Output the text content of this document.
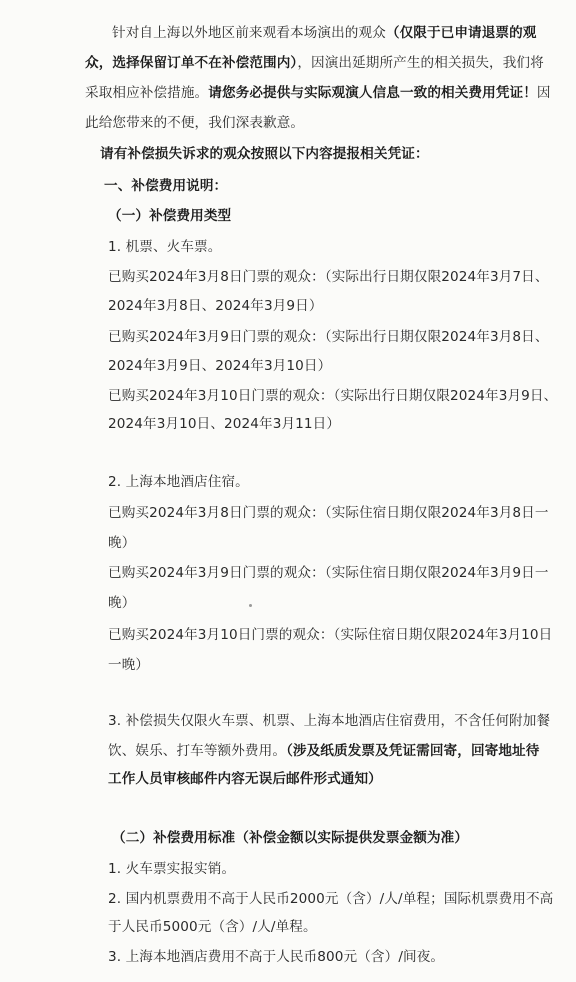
针对自上海以外地区前来观看本场演出的观众（仅限于已申请退票的观
众，选择保留订单不在补偿范围内），因演出延期所产生的相关损失，我们将
采取相应补偿措施。请您务必提供与实际观演人信息一致的相关费用凭证！因
此给您带来的不便，我们深表歉意。
请有补偿损失诉求的观众按照以下内容提报相关凭证：
一、补偿费用说明：
（一）补偿费用类型
1. 机票、火车票。
已购买2024年3月8日门票的观众：（实际出行日期仅限2024年3月7日、
2024年3月8日、2024年3月9日）
已购买2024年3月9日门票的观众：（实际出行日期仅限2024年3月8日、
2024年3月9日、2024年3月10日）
已购买2024年3月10日门票的观众：（实际出行日期仅限2024年3月9日、
2024年3月10日、2024年3月11日）
2. 上海本地酒店住宿。
已购买2024年3月8日门票的观众：（实际住宿日期仅限2024年3月8日一
晚）
已购买2024年3月9日门票的观众：（实际住宿日期仅限2024年3月9日一
晚）
已购买2024年3月10日门票的观众：（实际住宿日期仅限2024年3月10日
一晚）
3. 补偿损失仅限火车票、机票、上海本地酒店住宿费用，不含任何附加餐
饮、娱乐、打车等额外费用。（涉及纸质发票及凭证需回寄，回寄地址待
工作人员审核邮件内容无误后邮件形式通知）
（二）补偿费用标准（补偿金额以实际提供发票金额为准）
1. 火车票实报实销。
2. 国内机票费用不高于人民币2000元（含）/人/单程；国际机票费用不高
于人民币5000元（含）/人/单程。
3. 上海本地酒店费用不高于人民币800元（含）/间夜。
